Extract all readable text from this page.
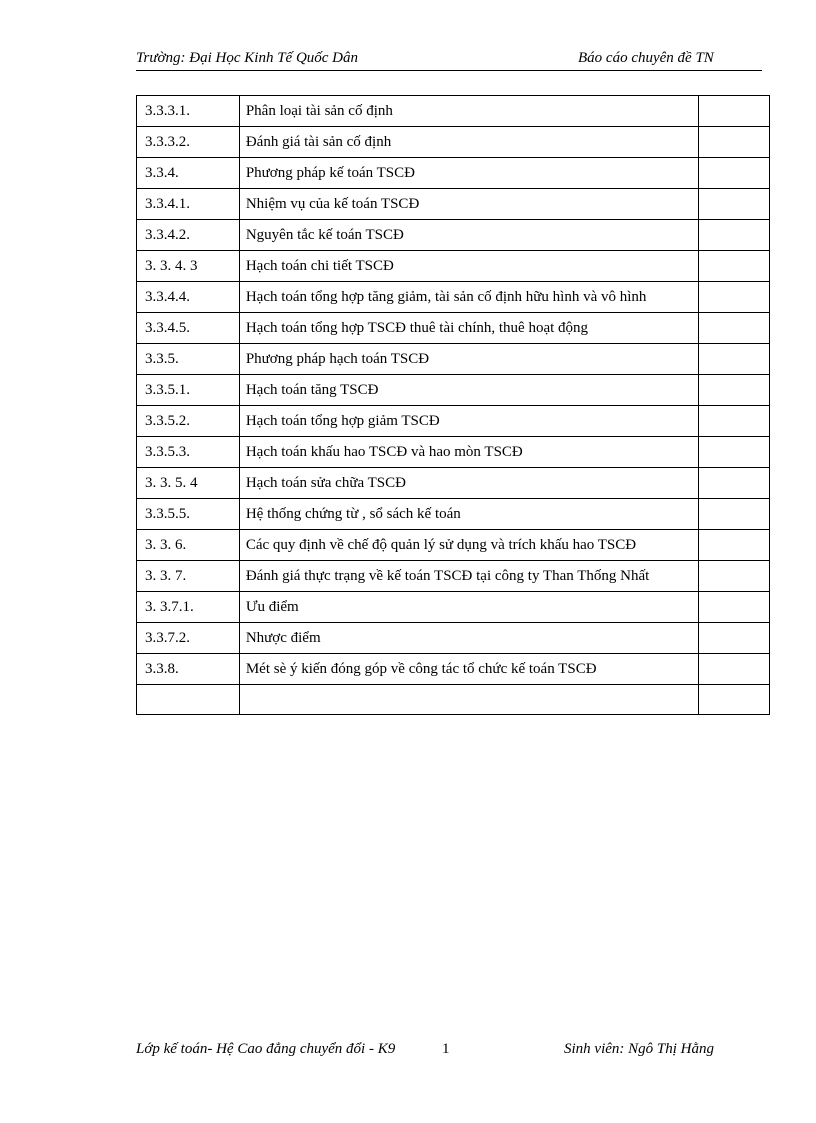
Trường: Đại Học Kinh Tế Quốc Dân	Báo cáo chuyên đề TN
3.3.3.1.	Phân loại tài sản cố định	
3.3.3.2.	Đánh giá tài sản cố định	
3.3.4.	Phương pháp kế toán TSCĐ	
3.3.4.1.	Nhiệm vụ của kế toán TSCĐ	
3.3.4.2.	Nguyên tắc kế toán TSCĐ	
3. 3. 4. 3	Hạch toán chi tiết TSCĐ	
3.3.4.4.	Hạch toán tổng hợp tăng giảm, tài sản cố định hữu hình và vô hình	
3.3.4.5.	Hạch toán tổng hợp TSCĐ thuê tài chính, thuê hoạt động	
3.3.5.	Phương pháp hạch toán TSCĐ	
3.3.5.1.	Hạch toán tăng TSCĐ	
3.3.5.2.	Hạch toán tổng hợp giảm TSCĐ	
3.3.5.3.	Hạch toán khấu hao TSCĐ và hao mòn TSCĐ	
3. 3. 5. 4	Hạch toán sửa chữa TSCĐ	
3.3.5.5.	Hệ thống chứng từ , sổ sách kế toán	
3. 3. 6.	Các quy định về chế độ quản lý sử dụng và trích khấu hao TSCĐ	
3. 3. 7.	Đánh giá thực trạng về kế toán TSCĐ tại công ty Than Thống Nhất	
3. 3.7.1.	Ưu điểm	
3.3.7.2.	Nhược điểm	
3.3.8.	Mét sè ý kiến đóng góp về công tác tổ chức kế toán TSCĐ	

Lớp kế toán- Hệ Cao đẳng chuyển đổi - K9	1	Sinh viên: Ngô Thị Hằng
